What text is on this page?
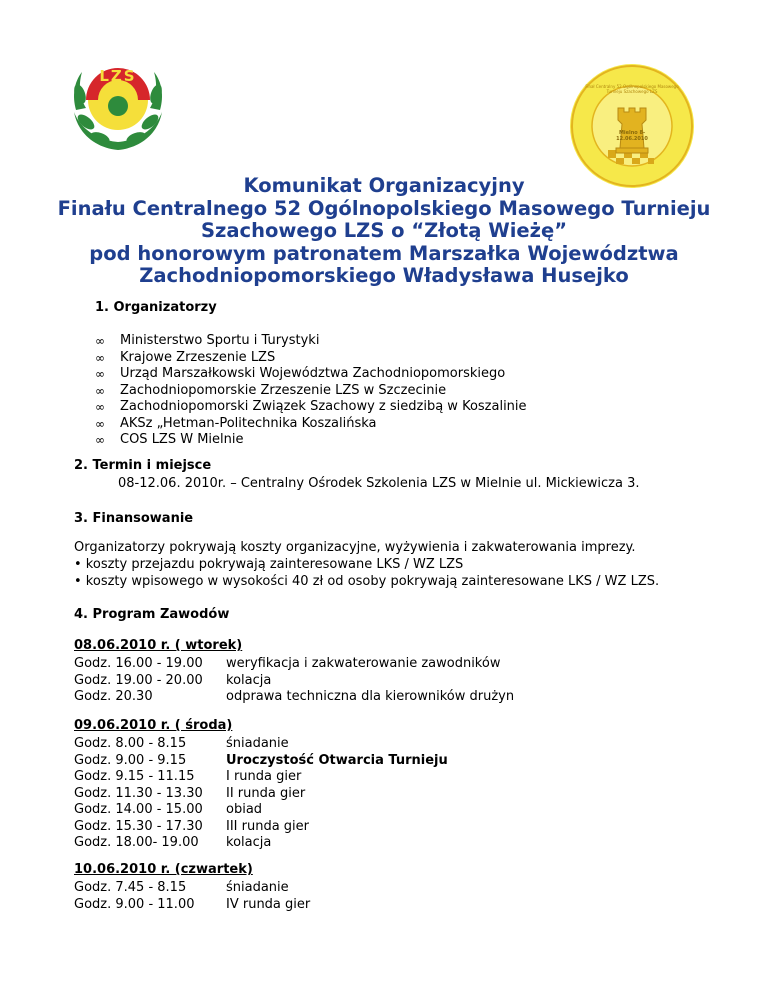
LZS
Finał Centralny 52 Ogólnopolskiego Masowego Turnieju Szachowego LZS
Mielno 8-12.06.2010
Komunikat Organizacyjny
Finału Centralnego 52 Ogólnopolskiego Masowego Turnieju
Szachowego LZS o “Złotą Wieżę”
pod honorowym patronatem Marszałka Województwa
Zachodniopomorskiego Władysława Husejko
1. Organizatorzy
∞ Ministerstwo Sportu i Turystyki
∞ Krajowe Zrzeszenie LZS
∞ Urząd Marszałkowski Województwa Zachodniopomorskiego
∞ Zachodniopomorskie Zrzeszenie LZS w Szczecinie
∞ Zachodniopomorski Związek Szachowy z siedzibą w Koszalinie
∞ AKSz „Hetman-Politechnika Koszalińska
∞ COS LZS W Mielnie
2. Termin i miejsce
08-12.06. 2010r. – Centralny Ośrodek Szkolenia LZS w Mielnie ul. Mickiewicza 3.
3. Finansowanie
Organizatorzy pokrywają koszty organizacyjne, wyżywienia i zakwaterowania imprezy.
• koszty przejazdu pokrywają zainteresowane LKS / WZ LZS
• koszty wpisowego w wysokości 40 zł od osoby pokrywają zainteresowane LKS / WZ LZS.
4. Program Zawodów
08.06.2010 r. ( wtorek)
Godz. 16.00 - 19.00 weryfikacja i zakwaterowanie zawodników
Godz. 19.00 - 20.00 kolacja
Godz. 20.30	odprawa techniczna dla kierowników drużyn
09.06.2010 r. ( środa)
Godz. 8.00 - 8.15	śniadanie
Godz. 9.00 - 9.15	Uroczystość Otwarcia Turnieju
Godz. 9.15 - 11.15 I runda gier
Godz. 11.30 - 13.30 II runda gier
Godz. 14.00 - 15.00 obiad
Godz. 15.30 - 17.30 III runda gier
Godz. 18.00- 19.00 kolacja
10.06.2010 r. (czwartek)
Godz. 7.45 - 8.15	śniadanie
Godz. 9.00 - 11.00 IV runda gier
